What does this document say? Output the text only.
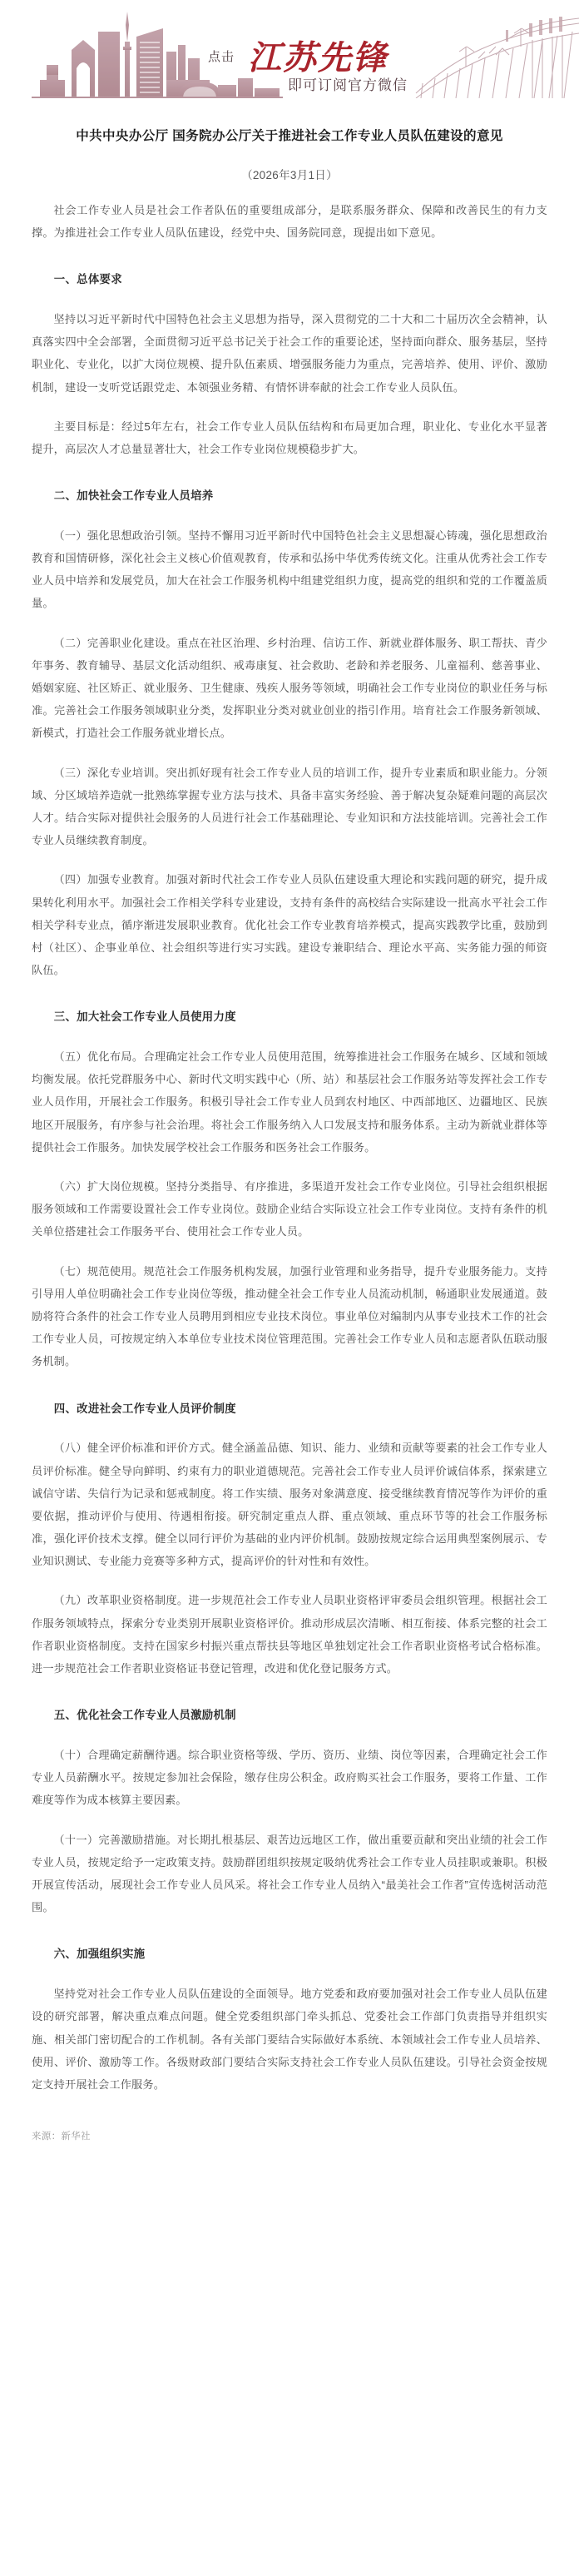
点击 江苏先锋
即可订阅官方微信
中共中央办公厅 国务院办公厅关于推进社会工作专业人员队伍建设的意见
（2026年3月1日）

社会工作专业人员是社会工作者队伍的重要组成部分，是联系服务群众、保障和改善民生的有力支撑。为推进社会工作专业人员队伍建设，经党中央、国务院同意，现提出如下意见。

一、总体要求

坚持以习近平新时代中国特色社会主义思想为指导，深入贯彻党的二十大和二十届历次全会精神，认真落实四中全会部署，全面贯彻习近平总书记关于社会工作的重要论述，坚持面向群众、服务基层，坚持职业化、专业化，以扩大岗位规模、提升队伍素质、增强服务能力为重点，完善培养、使用、评价、激励机制，建设一支听党话跟党走、本领强业务精、有情怀讲奉献的社会工作专业人员队伍。

主要目标是：经过5年左右，社会工作专业人员队伍结构和布局更加合理，职业化、专业化水平显著提升，高层次人才总量显著壮大，社会工作专业岗位规模稳步扩大。

二、加快社会工作专业人员培养

（一）强化思想政治引领。坚持不懈用习近平新时代中国特色社会主义思想凝心铸魂，强化思想政治教育和国情研修，深化社会主义核心价值观教育，传承和弘扬中华优秀传统文化。注重从优秀社会工作专业人员中培养和发展党员，加大在社会工作服务机构中组建党组织力度，提高党的组织和党的工作覆盖质量。

（二）完善职业化建设。重点在社区治理、乡村治理、信访工作、新就业群体服务、职工帮扶、青少年事务、教育辅导、基层文化活动组织、戒毒康复、社会救助、老龄和养老服务、儿童福利、慈善事业、婚姻家庭、社区矫正、就业服务、卫生健康、残疾人服务等领域，明确社会工作专业岗位的职业任务与标准。完善社会工作服务领域职业分类，发挥职业分类对就业创业的指引作用。培育社会工作服务新领域、新模式，打造社会工作服务就业增长点。

（三）深化专业培训。突出抓好现有社会工作专业人员的培训工作，提升专业素质和职业能力。分领域、分区域培养造就一批熟练掌握专业方法与技术、具备丰富实务经验、善于解决复杂疑难问题的高层次人才。结合实际对提供社会服务的人员进行社会工作基础理论、专业知识和方法技能培训。完善社会工作专业人员继续教育制度。

（四）加强专业教育。加强对新时代社会工作专业人员队伍建设重大理论和实践问题的研究，提升成果转化利用水平。加强社会工作相关学科专业建设，支持有条件的高校结合实际建设一批高水平社会工作相关学科专业点，循序渐进发展职业教育。优化社会工作专业教育培养模式，提高实践教学比重，鼓励到村（社区）、企事业单位、社会组织等进行实习实践。建设专兼职结合、理论水平高、实务能力强的师资队伍。

三、加大社会工作专业人员使用力度

（五）优化布局。合理确定社会工作专业人员使用范围，统筹推进社会工作服务在城乡、区域和领域均衡发展。依托党群服务中心、新时代文明实践中心（所、站）和基层社会工作服务站等发挥社会工作专业人员作用，开展社会工作服务。积极引导社会工作专业人员到农村地区、中西部地区、边疆地区、民族地区开展服务，有序参与社会治理。将社会工作服务纳入人口发展支持和服务体系。主动为新就业群体等提供社会工作服务。加快发展学校社会工作服务和医务社会工作服务。

（六）扩大岗位规模。坚持分类指导、有序推进，多渠道开发社会工作专业岗位。引导社会组织根据服务领域和工作需要设置社会工作专业岗位。鼓励企业结合实际设立社会工作专业岗位。支持有条件的机关单位搭建社会工作服务平台、使用社会工作专业人员。

（七）规范使用。规范社会工作服务机构发展，加强行业管理和业务指导，提升专业服务能力。支持引导用人单位明确社会工作专业岗位等级，推动健全社会工作专业人员流动机制，畅通职业发展通道。鼓励将符合条件的社会工作专业人员聘用到相应专业技术岗位。事业单位对编制内从事专业技术工作的社会工作专业人员，可按规定纳入本单位专业技术岗位管理范围。完善社会工作专业人员和志愿者队伍联动服务机制。

四、改进社会工作专业人员评价制度

（八）健全评价标准和评价方式。健全涵盖品德、知识、能力、业绩和贡献等要素的社会工作专业人员评价标准。健全导向鲜明、约束有力的职业道德规范。完善社会工作专业人员评价诚信体系，探索建立诚信守诺、失信行为记录和惩戒制度。将工作实绩、服务对象满意度、接受继续教育情况等作为评价的重要依据，推动评价与使用、待遇相衔接。研究制定重点人群、重点领域、重点环节等的社会工作服务标准，强化评价技术支撑。健全以同行评价为基础的业内评价机制。鼓励按规定综合运用典型案例展示、专业知识测试、专业能力竞赛等多种方式，提高评价的针对性和有效性。

（九）改革职业资格制度。进一步规范社会工作专业人员职业资格评审委员会组织管理。根据社会工作服务领域特点，探索分专业类别开展职业资格评价。推动形成层次清晰、相互衔接、体系完整的社会工作者职业资格制度。支持在国家乡村振兴重点帮扶县等地区单独划定社会工作者职业资格考试合格标准。进一步规范社会工作者职业资格证书登记管理，改进和优化登记服务方式。

五、优化社会工作专业人员激励机制

（十）合理确定薪酬待遇。综合职业资格等级、学历、资历、业绩、岗位等因素，合理确定社会工作专业人员薪酬水平。按规定参加社会保险，缴存住房公积金。政府购买社会工作服务，要将工作量、工作难度等作为成本核算主要因素。

（十一）完善激励措施。对长期扎根基层、艰苦边远地区工作，做出重要贡献和突出业绩的社会工作专业人员，按规定给予一定政策支持。鼓励群团组织按规定吸纳优秀社会工作专业人员挂职或兼职。积极开展宣传活动，展现社会工作专业人员风采。将社会工作专业人员纳入“最美社会工作者”宣传选树活动范围。

六、加强组织实施

坚持党对社会工作专业人员队伍建设的全面领导。地方党委和政府要加强对社会工作专业人员队伍建设的研究部署，解决重点难点问题。健全党委组织部门牵头抓总、党委社会工作部门负责指导并组织实施、相关部门密切配合的工作机制。各有关部门要结合实际做好本系统、本领域社会工作专业人员培养、使用、评价、激励等工作。各级财政部门要结合实际支持社会工作专业人员队伍建设。引导社会资金按规定支持开展社会工作服务。

来源：新华社
